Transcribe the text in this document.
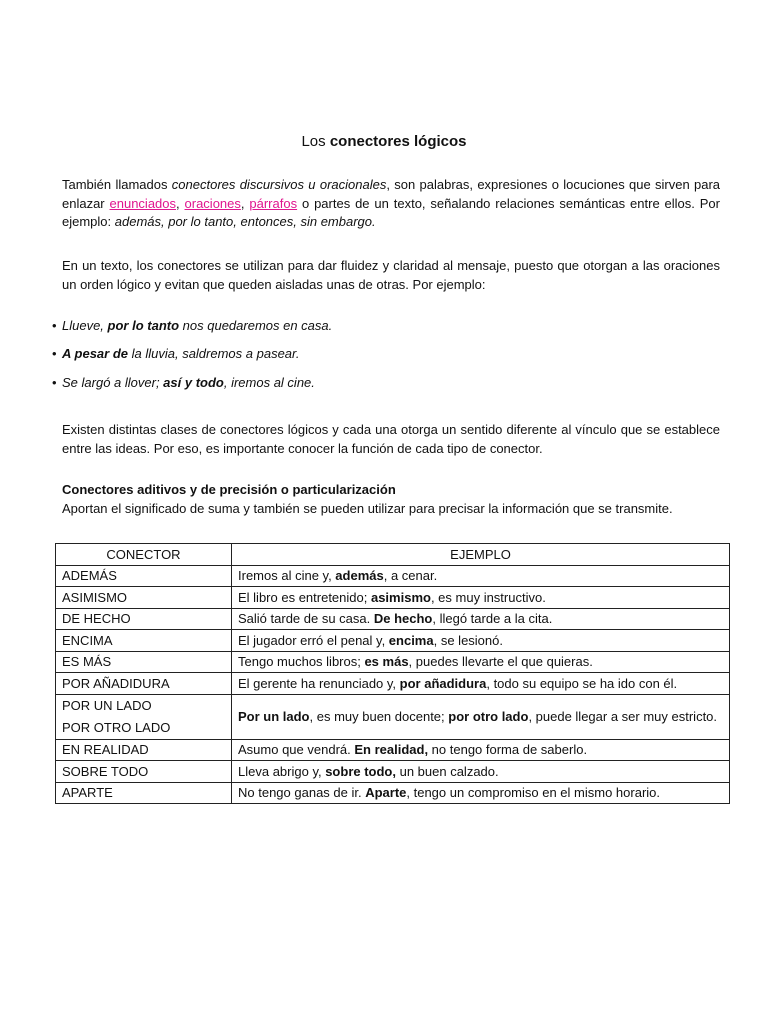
Los conectores lógicos
También llamados conectores discursivos u oracionales, son palabras, expresiones o locuciones que sirven para enlazar enunciados, oraciones, párrafos o partes de un texto, señalando relaciones semánticas entre ellos. Por ejemplo: además, por lo tanto, entonces, sin embargo.
En un texto, los conectores se utilizan para dar fluidez y claridad al mensaje, puesto que otorgan a las oraciones un orden lógico y evitan que queden aisladas unas de otras. Por ejemplo:
• Llueve, por lo tanto nos quedaremos en casa.
• A pesar de la lluvia, saldremos a pasear.
• Se largó a llover; así y todo, iremos al cine.
Existen distintas clases de conectores lógicos y cada una otorga un sentido diferente al vínculo que se establece entre las ideas. Por eso, es importante conocer la función de cada tipo de conector.
Conectores aditivos y de precisión o particularización
Aportan el significado de suma y también se pueden utilizar para precisar la información que se transmite.
CONECTOR	EJEMPLO
ADEMÁS	Iremos al cine y, además, a cenar.
ASIMISMO	El libro es entretenido; asimismo, es muy instructivo.
DE HECHO	Salió tarde de su casa. De hecho, llegó tarde a la cita.
ENCIMA	El jugador erró el penal y, encima, se lesionó.
ES MÁS	Tengo muchos libros; es más, puedes llevarte el que quieras.
POR AÑADIDURA	El gerente ha renunciado y, por añadidura, todo su equipo se ha ido con él.

POR UN LADO
POR OTRO LADO	Por un lado, es muy buen docente; por otro lado, puede llegar a ser muy estricto.
EN REALIDAD	Asumo que vendrá. En realidad, no tengo forma de saberlo.
SOBRE TODO	Lleva abrigo y, sobre todo, un buen calzado.
APARTE	No tengo ganas de ir. Aparte, tengo un compromiso en el mismo horario.
